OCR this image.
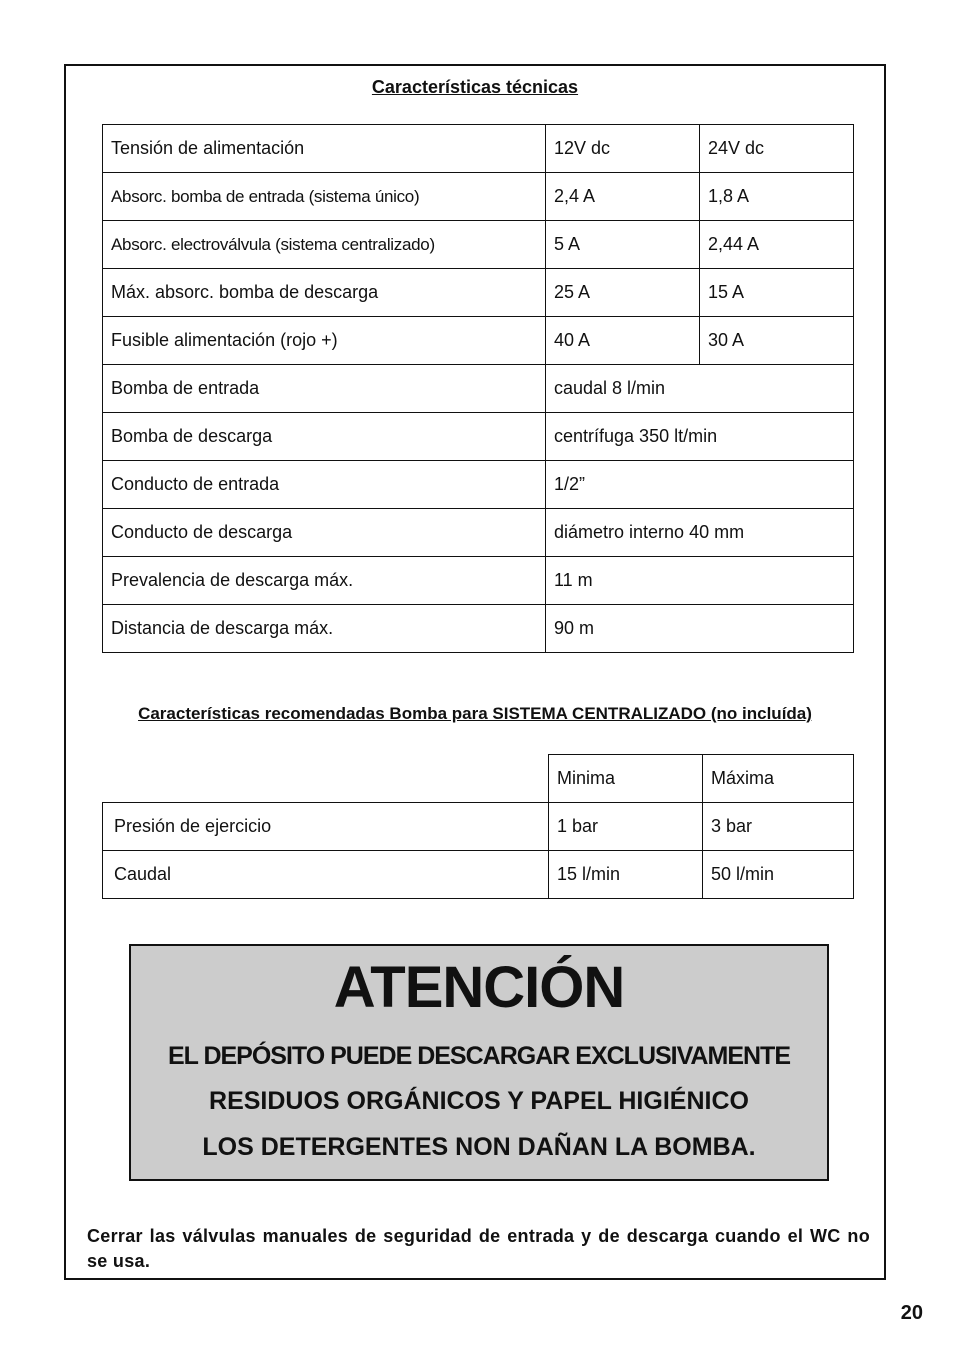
Características técnicas
Tensión de alimentación	12V dc	24V dc
Absorc. bomba de entrada (sistema único)	2,4 A	1,8 A
Absorc. electroválvula (sistema centralizado)	5 A	2,44 A
Máx. absorc. bomba de descarga	25 A	15 A
Fusible alimentación (rojo +)	40 A	30 A
Bomba de entrada	caudal 8 l/min	
Bomba de descarga	centrífuga 350 lt/min	
Conducto de entrada	1/2”	
Conducto de descarga	diámetro interno 40 mm	
Prevalencia de descarga máx.	11 m	
Distancia de descarga máx.	90 m	
Características recomendadas Bomba para SISTEMA CENTRALIZADO (no incluída)
	Minima	Máxima
Presión de ejercicio	1 bar	3 bar
Caudal	15 l/min	50 l/min
ATENCIÓN
EL DEPÓSITO PUEDE DESCARGAR EXCLUSIVAMENTE
RESIDUOS ORGÁNICOS Y PAPEL HIGIÉNICO
LOS DETERGENTES NON DAÑAN LA BOMBA.
Cerrar las válvulas manuales de seguridad de entrada y de descarga cuando el WC no se usa.
20
